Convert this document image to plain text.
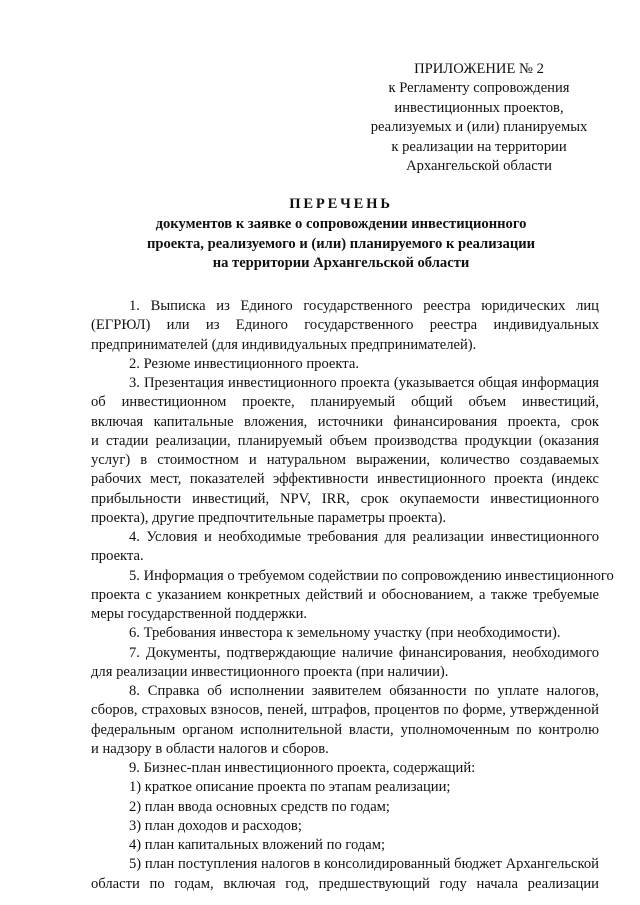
ПРИЛОЖЕНИЕ № 2
к Регламенту сопровождения
инвестиционных проектов,
реализуемых и (или) планируемых
к реализации на территории
Архангельской области
ПЕРЕЧЕНЬ
документов к заявке о сопровождении инвестиционного
проекта, реализуемого и (или) планируемого к реализации
на территории Архангельской области
1. Выписка из Единого государственного реестра юридических лиц
(ЕГРЮЛ) или из Единого государственного реестра индивидуальных
предпринимателей (для индивидуальных предпринимателей).
2. Резюме инвестиционного проекта.
3. Презентация инвестиционного проекта (указывается общая информация
об инвестиционном проекте, планируемый общий объем инвестиций,
включая капитальные вложения, источники финансирования проекта, срок
и стадии реализации, планируемый объем производства продукции (оказания
услуг) в стоимостном и натуральном выражении, количество создаваемых
рабочих мест, показателей эффективности инвестиционного проекта (индекс
прибыльности инвестиций, NPV, IRR, срок окупаемости инвестиционного
проекта), другие предпочтительные параметры проекта).
4. Условия и необходимые требования для реализации инвестиционного
проекта.
5. Информация о требуемом содействии по сопровождению инвестиционного
проекта с указанием конкретных действий и обоснованием, а также требуемые
меры государственной поддержки.
6. Требования инвестора к земельному участку (при необходимости).
7. Документы, подтверждающие наличие финансирования, необходимого
для реализации инвестиционного проекта (при наличии).
8. Справка об исполнении заявителем обязанности по уплате налогов,
сборов, страховых взносов, пеней, штрафов, процентов по форме, утвержденной
федеральным органом исполнительной власти, уполномоченным по контролю
и надзору в области налогов и сборов.
9. Бизнес-план инвестиционного проекта, содержащий:
1) краткое описание проекта по этапам реализации;
2) план ввода основных средств по годам;
3) план доходов и расходов;
4) план капитальных вложений по годам;
5) план поступления налогов в консолидированный бюджет Архангельской
области по годам, включая год, предшествующий году начала реализации
